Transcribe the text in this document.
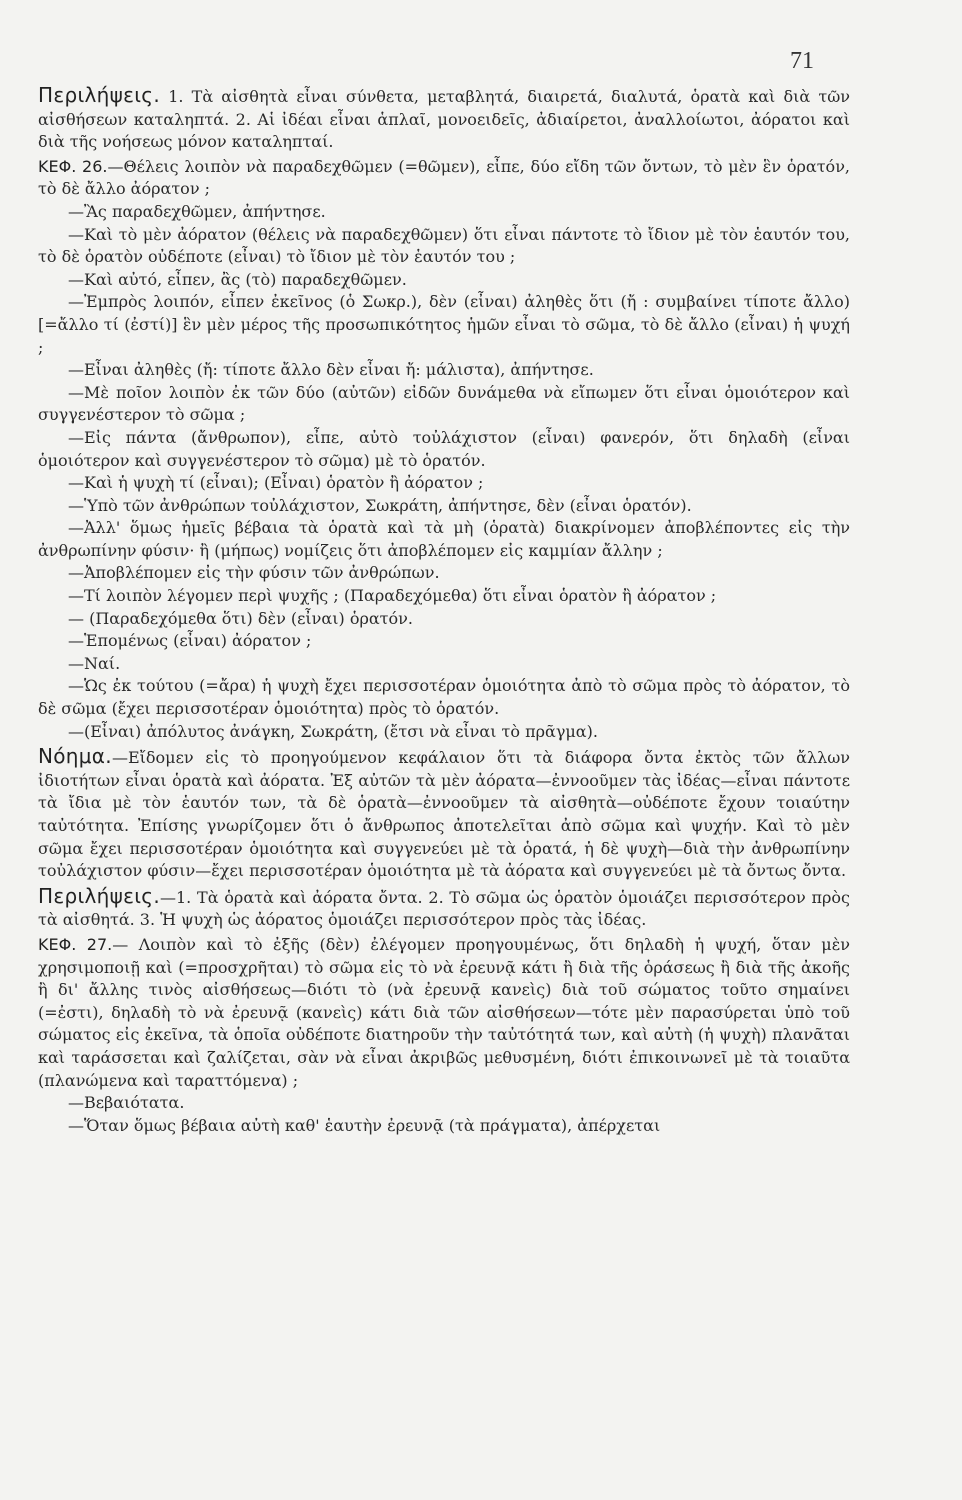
71

Περιλήψεις. 1. Τὰ αἰσθητὰ εἶναι σύνθετα, μεταβλητά, διαιρετά, διαλυτά, ὁρατὰ καὶ διὰ τῶν αἰσθήσεων καταληπτά. 2. Αἱ ἰδέαι εἶναι ἁπλαῖ, μονοειδεῖς, ἀδιαίρετοι, ἀναλλοίωτοι, ἀόρατοι καὶ διὰ τῆς νοήσεως μόνον καταληπταί.

ΚΕΦ. 26.—Θέλεις λοιπὸν νὰ παραδεχθῶμεν (=θῶμεν), εἶπε, δύο εἴδη τῶν ὄντων, τὸ μὲν ἓν ὁρατόν, τὸ δὲ ἄλλο ἀόρατον ;

—Ἂς παραδεχθῶμεν, ἀπήντησε.

—Καὶ τὸ μὲν ἀόρατον (θέλεις νὰ παραδεχθῶμεν) ὅτι εἶναι πάντοτε τὸ ἴδιον μὲ τὸν ἑαυτόν του, τὸ δὲ ὁρατὸν οὐδέποτε (εἶναι) τὸ ἴδιον μὲ τὸν ἑαυτόν του ;

—Καὶ αὐτό, εἶπεν, ἂς (τὸ) παραδεχθῶμεν.

—Ἐμπρὸς λοιπόν, εἶπεν ἐκεῖνος (ὁ Σωκρ.), δὲν (εἶναι) ἀληθὲς ὅτι (ἤ : συμβαίνει τίποτε ἄλλο) [=ἄλλο τί (ἐστί)] ἓν μὲν μέρος τῆς προσωπικότητος ἡμῶν εἶναι τὸ σῶμα, τὸ δὲ ἄλλο (εἶναι) ἡ ψυχή ;

—Εἶναι ἀληθὲς (ἤ: τίποτε ἄλλο δὲν εἶναι ἤ: μάλιστα), ἀπήντησε.

—Μὲ ποῖον λοιπὸν ἐκ τῶν δύο (αὐτῶν) εἰδῶν δυνάμεθα νὰ εἴπωμεν ὅτι εἶναι ὁμοιότερον καὶ συγγενέστερον τὸ σῶμα ;

—Εἰς πάντα (ἄνθρωπον), εἶπε, αὐτὸ τοὐλάχιστον (εἶναι) φανερόν, ὅτι δηλαδὴ (εἶναι ὁμοιότερον καὶ συγγενέστερον τὸ σῶμα) μὲ τὸ ὁρατόν.

—Καὶ ἡ ψυχὴ τί (εἶναι); (Εἶναι) ὁρατὸν ἢ ἀόρατον ;

—Ὑπὸ τῶν ἀνθρώπων τοὐλάχιστον, Σωκράτη, ἀπήντησε, δὲν (εἶναι ὁρατόν).

—Ἀλλ' ὅμως ἡμεῖς βέβαια τὰ ὁρατὰ καὶ τὰ μὴ (ὁρατὰ) διακρίνομεν ἀποβλέποντες εἰς τὴν ἀνθρωπίνην φύσιν· ἢ (μήπως) νομίζεις ὅτι ἀποβλέπομεν εἰς καμμίαν ἄλλην ;

—Ἀποβλέπομεν εἰς τὴν φύσιν τῶν ἀνθρώπων.

—Τί λοιπὸν λέγομεν περὶ ψυχῆς ; (Παραδεχόμεθα) ὅτι εἶναι ὁρατὸν ἢ ἀόρατον ;

— (Παραδεχόμεθα ὅτι) δὲν (εἶναι) ὁρατόν.

—Ἑπομένως (εἶναι) ἀόρατον ;

—Ναί.

—Ὡς ἐκ τούτου (=ἄρα) ἡ ψυχὴ ἔχει περισσοτέραν ὁμοιότητα ἀπὸ τὸ σῶμα πρὸς τὸ ἀόρατον, τὸ δὲ σῶμα (ἔχει περισσοτέραν ὁμοιότητα) πρὸς τὸ ὁρατόν.

—(Εἶναι) ἀπόλυτος ἀνάγκη, Σωκράτη, (ἔτσι νὰ εἶναι τὸ πρᾶγμα).

Νόημα.—Εἴδομεν εἰς τὸ προηγούμενον κεφάλαιον ὅτι τὰ διάφορα ὄντα ἐκτὸς τῶν ἄλλων ἰδιοτήτων εἶναι ὁρατὰ καὶ ἀόρατα. Ἐξ αὐτῶν τὰ μὲν ἀόρατα—ἐννοοῦμεν τὰς ἰδέας—εἶναι πάντοτε τὰ ἴδια μὲ τὸν ἑαυτόν των, τὰ δὲ ὁρατὰ—ἐννοοῦμεν τὰ αἰσθητὰ—οὐδέποτε ἔχουν τοιαύτην ταὐτότητα. Ἐπίσης γνωρίζομεν ὅτι ὁ ἄνθρωπος ἀποτελεῖται ἀπὸ σῶμα καὶ ψυχήν. Καὶ τὸ μὲν σῶμα ἔχει περισσοτέραν ὁμοιότητα καὶ συγγενεύει μὲ τὰ ὁρατά, ἡ δὲ ψυχὴ—διὰ τὴν ἀνθρωπίνην τοὐλάχιστον φύσιν—ἔχει περισσοτέραν ὁμοιότητα μὲ τὰ ἀόρατα καὶ συγγενεύει μὲ τὰ ὄντως ὄντα.

Περιλήψεις.—1. Τὰ ὁρατὰ καὶ ἀόρατα ὄντα. 2. Τὸ σῶμα ὡς ὁρατὸν ὁμοιάζει περισσότερον πρὸς τὰ αἰσθητά. 3. Ἡ ψυχὴ ὡς ἀόρατος ὁμοιάζει περισσότερον πρὸς τὰς ἰδέας.

ΚΕΦ. 27.— Λοιπὸν καὶ τὸ ἐξῆς (δὲν) ἐλέγομεν προηγουμένως, ὅτι δηλαδὴ ἡ ψυχή, ὅταν μὲν χρησιμοποιῇ καὶ (=προσχρῆται) τὸ σῶμα εἰς τὸ νὰ ἐρευνᾷ κάτι ἢ διὰ τῆς ὁράσεως ἢ διὰ τῆς ἀκοῆς ἢ δι' ἄλλης τινὸς αἰσθήσεως—διότι τὸ (νὰ ἐρευνᾷ κανεὶς) διὰ τοῦ σώματος τοῦτο σημαίνει (=ἐστι), δηλαδὴ τὸ νὰ ἐρευνᾷ (κανεὶς) κάτι διὰ τῶν αἰσθήσεων—τότε μὲν παρασύρεται ὑπὸ τοῦ σώματος εἰς ἐκεῖνα, τὰ ὁποῖα οὐδέποτε διατηροῦν τὴν ταὐτότητά των, καὶ αὐτὴ (ἡ ψυχὴ) πλανᾶται καὶ ταράσσεται καὶ ζαλίζεται, σὰν νὰ εἶναι ἀκριβῶς μεθυσμένη, διότι ἐπικοινωνεῖ μὲ τὰ τοιαῦτα (πλανώμενα καὶ ταραττόμενα) ;

—Βεβαιότατα.

—Ὅταν ὅμως βέβαια αὐτὴ καθ' ἑαυτὴν ἐρευνᾷ (τὰ πράγματα), ἀπέρχεται
